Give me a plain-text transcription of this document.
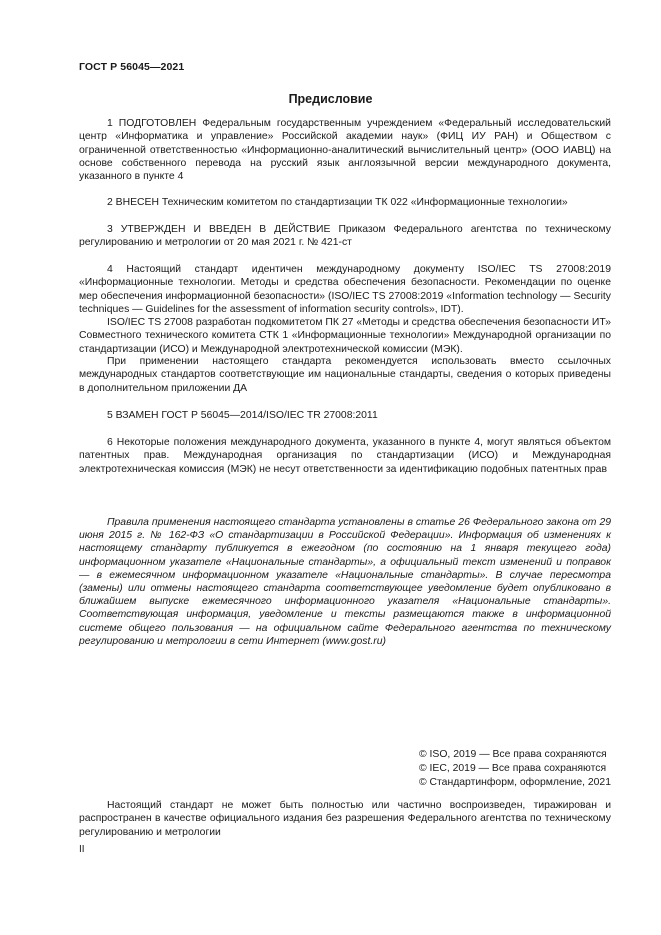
ГОСТ Р 56045—2021
Предисловие

1 ПОДГОТОВЛЕН Федеральным государственным учреждением «Федеральный исследовательский центр «Информатика и управление» Российской академии наук» (ФИЦ ИУ РАН) и Обществом с ограниченной ответственностью «Информационно-аналитический вычислительный центр» (ООО ИАВЦ) на основе собственного перевода на русский язык англоязычной версии международного документа, указанного в пункте 4

2 ВНЕСЕН Техническим комитетом по стандартизации ТК 022 «Информационные технологии»

3 УТВЕРЖДЕН И ВВЕДЕН В ДЕЙСТВИЕ Приказом Федерального агентства по техническому регулированию и метрологии от 20 мая 2021 г. № 421-ст

4 Настоящий стандарт идентичен международному документу ISO/IEC TS 27008:2019 «Информационные технологии. Методы и средства обеспечения безопасности. Рекомендации по оценке мер обеспечения информационной безопасности» (ISO/IEC TS 27008:2019 «Information technology — Security techniques — Guidelines for the assessment of information security controls», IDT).

ISO/IEC TS 27008 разработан подкомитетом ПК 27 «Методы и средства обеспечения безопасности ИТ» Совместного технического комитета СТК 1 «Информационные технологии» Международной организации по стандартизации (ИСО) и Международной электротехнической комиссии (МЭК).

При применении настоящего стандарта рекомендуется использовать вместо ссылочных международных стандартов соответствующие им национальные стандарты, сведения о которых приведены в дополнительном приложении ДА

5 ВЗАМЕН ГОСТ Р 56045—2014/ISO/IEC TR 27008:2011

6 Некоторые положения международного документа, указанного в пункте 4, могут являться объектом патентных прав. Международная организация по стандартизации (ИСО) и Международная электротехническая комиссия (МЭК) не несут ответственности за идентификацию подобных патентных прав

Правила применения настоящего стандарта установлены в статье 26 Федерального закона от 29 июня 2015 г. № 162-ФЗ «О стандартизации в Российской Федерации». Информация об изменениях к настоящему стандарту публикуется в ежегодном (по состоянию на 1 января текущего года) информационном указателе «Национальные стандарты», а официальный текст изменений и поправок — в ежемесячном информационном указателе «Национальные стандарты». В случае пересмотра (замены) или отмены настоящего стандарта соответствующее уведомление будет опубликовано в ближайшем выпуске ежемесячного информационного указателя «Национальные стандарты». Соответствующая информация, уведомление и тексты размещаются также в информационной системе общего пользования — на официальном сайте Федерального агентства по техническому регулированию и метрологии в сети Интернет (www.gost.ru)

© ISO, 2019 — Все права сохраняются
© IEC, 2019 — Все права сохраняются
© Стандартинформ, оформление, 2021

Настоящий стандарт не может быть полностью или частично воспроизведен, тиражирован и распространен в качестве официального издания без разрешения Федерального агентства по техническому регулированию и метрологии

II
